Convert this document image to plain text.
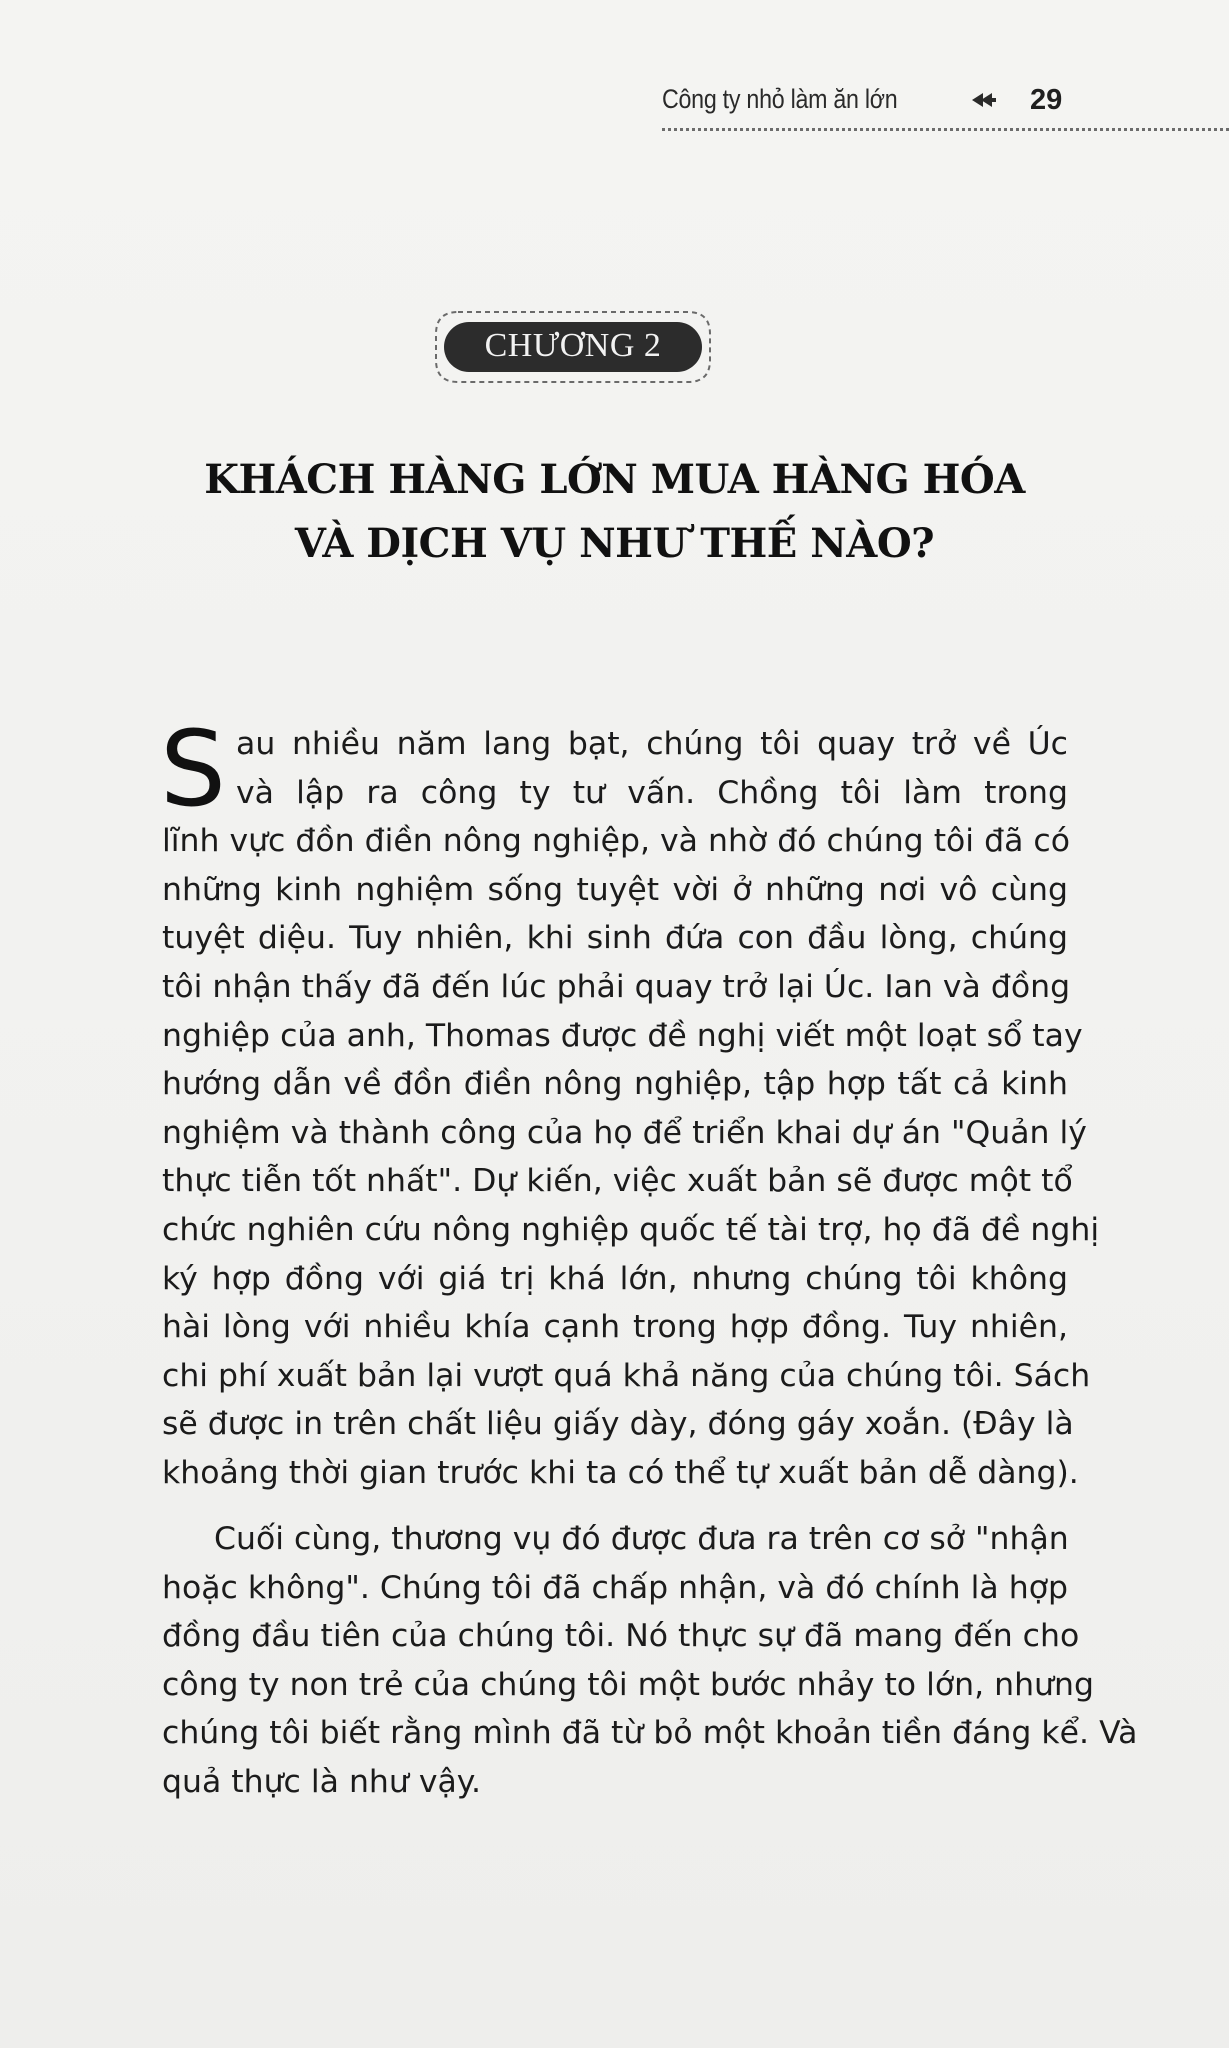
Công ty nhỏ làm ăn lớn	29
CHƯƠNG 2
KHÁCH HÀNG LỚN MUA HÀNG HÓA
VÀ DỊCH VỤ NHƯ THẾ NÀO?
S au nhiều năm lang bạt, chúng tôi quay trở về Úc
và lập ra công ty tư vấn. Chồng tôi làm trong
lĩnh vực đồn điền nông nghiệp, và nhờ đó chúng tôi đã có
những kinh nghiệm sống tuyệt vời ở những nơi vô cùng
tuyệt diệu. Tuy nhiên, khi sinh đứa con đầu lòng, chúng
tôi nhận thấy đã đến lúc phải quay trở lại Úc. Ian và đồng
nghiệp của anh, Thomas được đề nghị viết một loạt sổ tay
hướng dẫn về đồn điền nông nghiệp, tập hợp tất cả kinh
nghiệm và thành công của họ để triển khai dự án "Quản lý
thực tiễn tốt nhất". Dự kiến, việc xuất bản sẽ được một tổ
chức nghiên cứu nông nghiệp quốc tế tài trợ, họ đã đề nghị
ký hợp đồng với giá trị khá lớn, nhưng chúng tôi không
hài lòng với nhiều khía cạnh trong hợp đồng. Tuy nhiên,
chi phí xuất bản lại vượt quá khả năng của chúng tôi. Sách
sẽ được in trên chất liệu giấy dày, đóng gáy xoắn. (Đây là
khoảng thời gian trước khi ta có thể tự xuất bản dễ dàng).
Cuối cùng, thương vụ đó được đưa ra trên cơ sở "nhận
hoặc không". Chúng tôi đã chấp nhận, và đó chính là hợp
đồng đầu tiên của chúng tôi. Nó thực sự đã mang đến cho
công ty non trẻ của chúng tôi một bước nhảy to lớn, nhưng
chúng tôi biết rằng mình đã từ bỏ một khoản tiền đáng kể. Và
quả thực là như vậy.
